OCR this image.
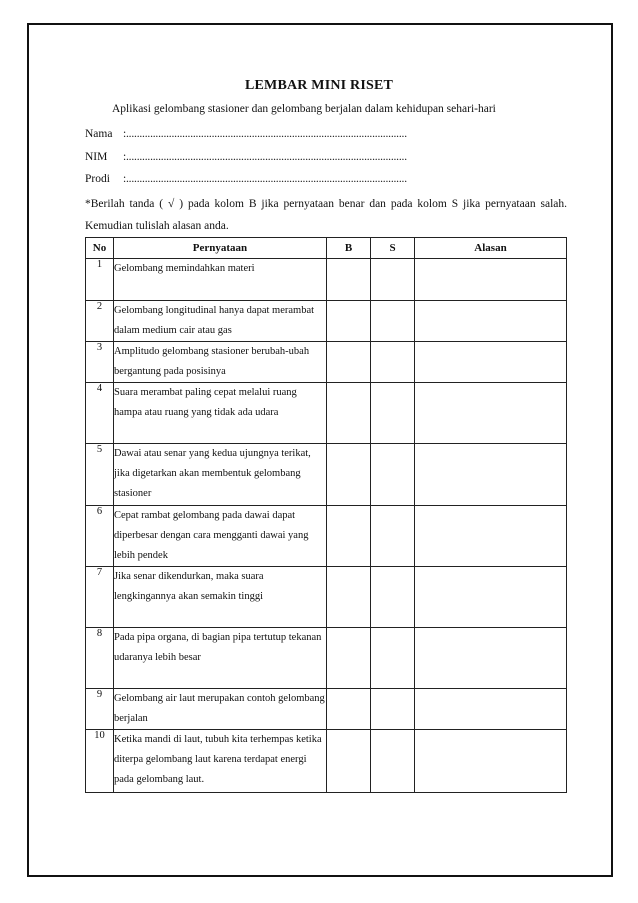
LEMBAR MINI RISET
Aplikasi gelombang stasioner dan gelombang berjalan dalam kehidupan sehari-hari
Nama :.........................................................................................................
NIM :.........................................................................................................
Prodi :.........................................................................................................
*Berilah tanda ( √ ) pada kolom B jika pernyataan benar dan pada kolom S jika pernyataan salah. Kemudian tulislah alasan anda.
No	Pernyataan	B	S	Alasan
1	Gelombang memindahkan materi			
2	Gelombang longitudinal hanya dapat merambat dalam medium cair atau gas			
3	Amplitudo gelombang stasioner berubah-ubah bergantung pada posisinya			
4	Suara merambat paling cepat melalui ruang hampa atau ruang yang tidak ada udara			
5	Dawai atau senar yang kedua ujungnya terikat, jika digetarkan akan membentuk gelombang stasioner			
6	Cepat rambat gelombang pada dawai dapat diperbesar dengan cara mengganti dawai yang lebih pendek			
7	Jika senar dikendurkan, maka suara lengkingannya akan semakin tinggi			
8	Pada pipa organa, di bagian pipa tertutup tekanan udaranya lebih besar			
9	Gelombang air laut merupakan contoh gelombang berjalan			
10	Ketika mandi di laut, tubuh kita terhempas ketika diterpa gelombang laut karena terdapat energi pada gelombang laut.			
